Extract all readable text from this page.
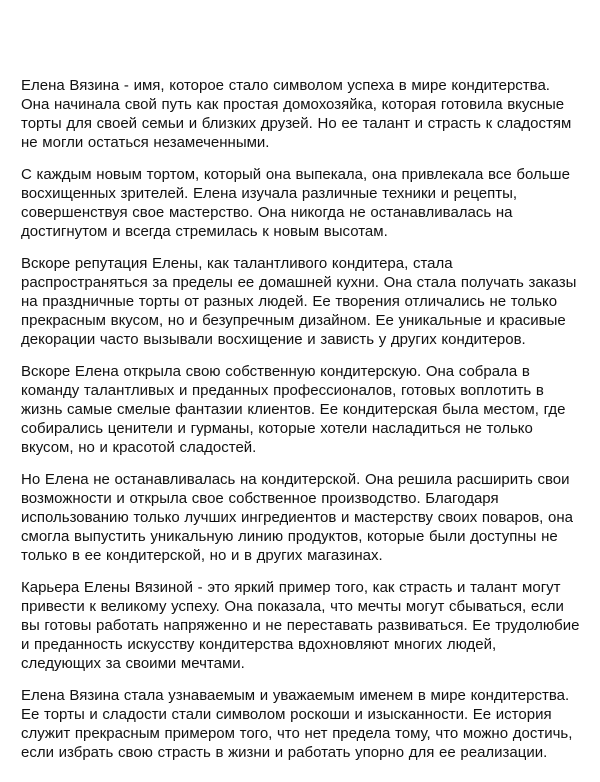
Елена Вязина - имя, которое стало символом успеха в мире кондитерства. Она начинала свой путь как простая домохозяйка, которая готовила вкусные торты для своей семьи и близких друзей. Но ее талант и страсть к сладостям не могли остаться незамеченными.

С каждым новым тортом, который она выпекала, она привлекала все больше восхищенных зрителей. Елена изучала различные техники и рецепты, совершенствуя свое мастерство. Она никогда не останавливалась на достигнутом и всегда стремилась к новым высотам.

Вскоре репутация Елены, как талантливого кондитера, стала распространяться за пределы ее домашней кухни. Она стала получать заказы на праздничные торты от разных людей. Ее творения отличались не только прекрасным вкусом, но и безупречным дизайном. Ее уникальные и красивые декорации часто вызывали восхищение и зависть у других кондитеров.

Вскоре Елена открыла свою собственную кондитерскую. Она собрала в команду талантливых и преданных профессионалов, готовых воплотить в жизнь самые смелые фантазии клиентов. Ее кондитерская была местом, где собирались ценители и гурманы, которые хотели насладиться не только вкусом, но и красотой сладостей.

Но Елена не останавливалась на кондитерской. Она решила расширить свои возможности и открыла свое собственное производство. Благодаря использованию только лучших ингредиентов и мастерству своих поваров, она смогла выпустить уникальную линию продуктов, которые были доступны не только в ее кондитерской, но и в других магазинах.

Карьера Елены Вязиной - это яркий пример того, как страсть и талант могут привести к великому успеху. Она показала, что мечты могут сбываться, если вы готовы работать напряженно и не переставать развиваться. Ее трудолюбие и преданность искусству кондитерства вдохновляют многих людей, следующих за своими мечтами.

Елена Вязина стала узнаваемым и уважаемым именем в мире кондитерства. Ее торты и сладости стали символом роскоши и изысканности. Ее история служит прекрасным примером того, что нет предела тому, что можно достичь, если избрать свою страсть в жизни и работать упорно для ее реализации.
